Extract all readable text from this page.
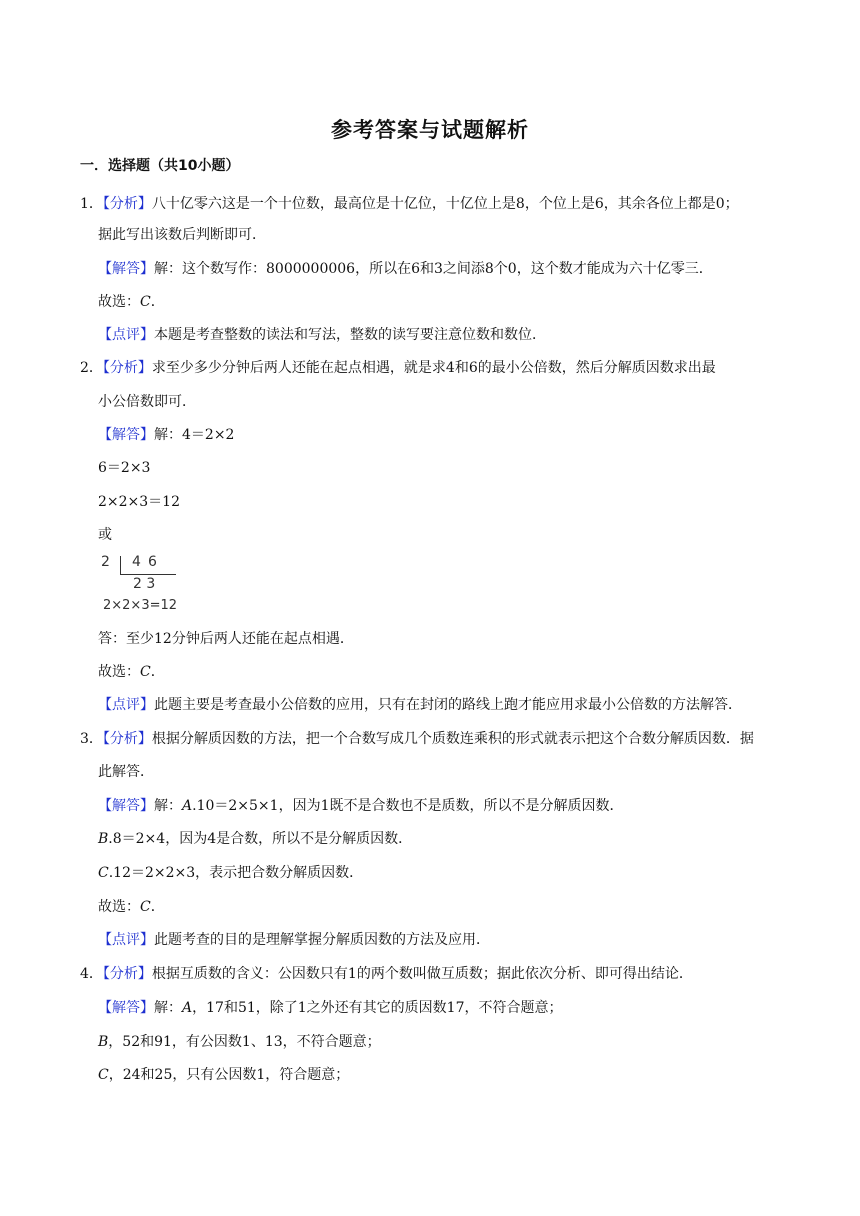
参考答案与试题解析
一．选择题（共10小题）
1．【分析】八十亿零六这是一个十位数，最高位是十亿位，十亿位上是8，个位上是6，其余各位上都是0；
据此写出该数后判断即可．
【解答】解：这个数写作：8000000006，所以在6和3之间添8个0，这个数才能成为六十亿零三．
故选：C．
【点评】本题是考查整数的读法和写法，整数的读写要注意位数和数位．
2．【分析】求至少多少分钟后两人还能在起点相遇，就是求4和6的最小公倍数，然后分解质因数求出最
小公倍数即可．
【解答】解：4＝2×2
6＝2×3
2×2×3＝12
或
2 4 6
2 3
2×2×3=12
答：至少12分钟后两人还能在起点相遇．
故选：C．
【点评】此题主要是考查最小公倍数的应用，只有在封闭的路线上跑才能应用求最小公倍数的方法解答．
3．【分析】根据分解质因数的方法，把一个合数写成几个质数连乘积的形式就表示把这个合数分解质因数．据
此解答．
【解答】解：A.10＝2×5×1，因为1既不是合数也不是质数，所以不是分解质因数．
B.8＝2×4，因为4是合数，所以不是分解质因数．
C.12＝2×2×3，表示把合数分解质因数．
故选：C．
【点评】此题考查的目的是理解掌握分解质因数的方法及应用．
4．【分析】根据互质数的含义：公因数只有1的两个数叫做互质数；据此依次分析、即可得出结论．
【解答】解：A，17和51，除了1之外还有其它的质因数17，不符合题意；
B，52和91，有公因数1、13，不符合题意；
C，24和25，只有公因数1，符合题意；
